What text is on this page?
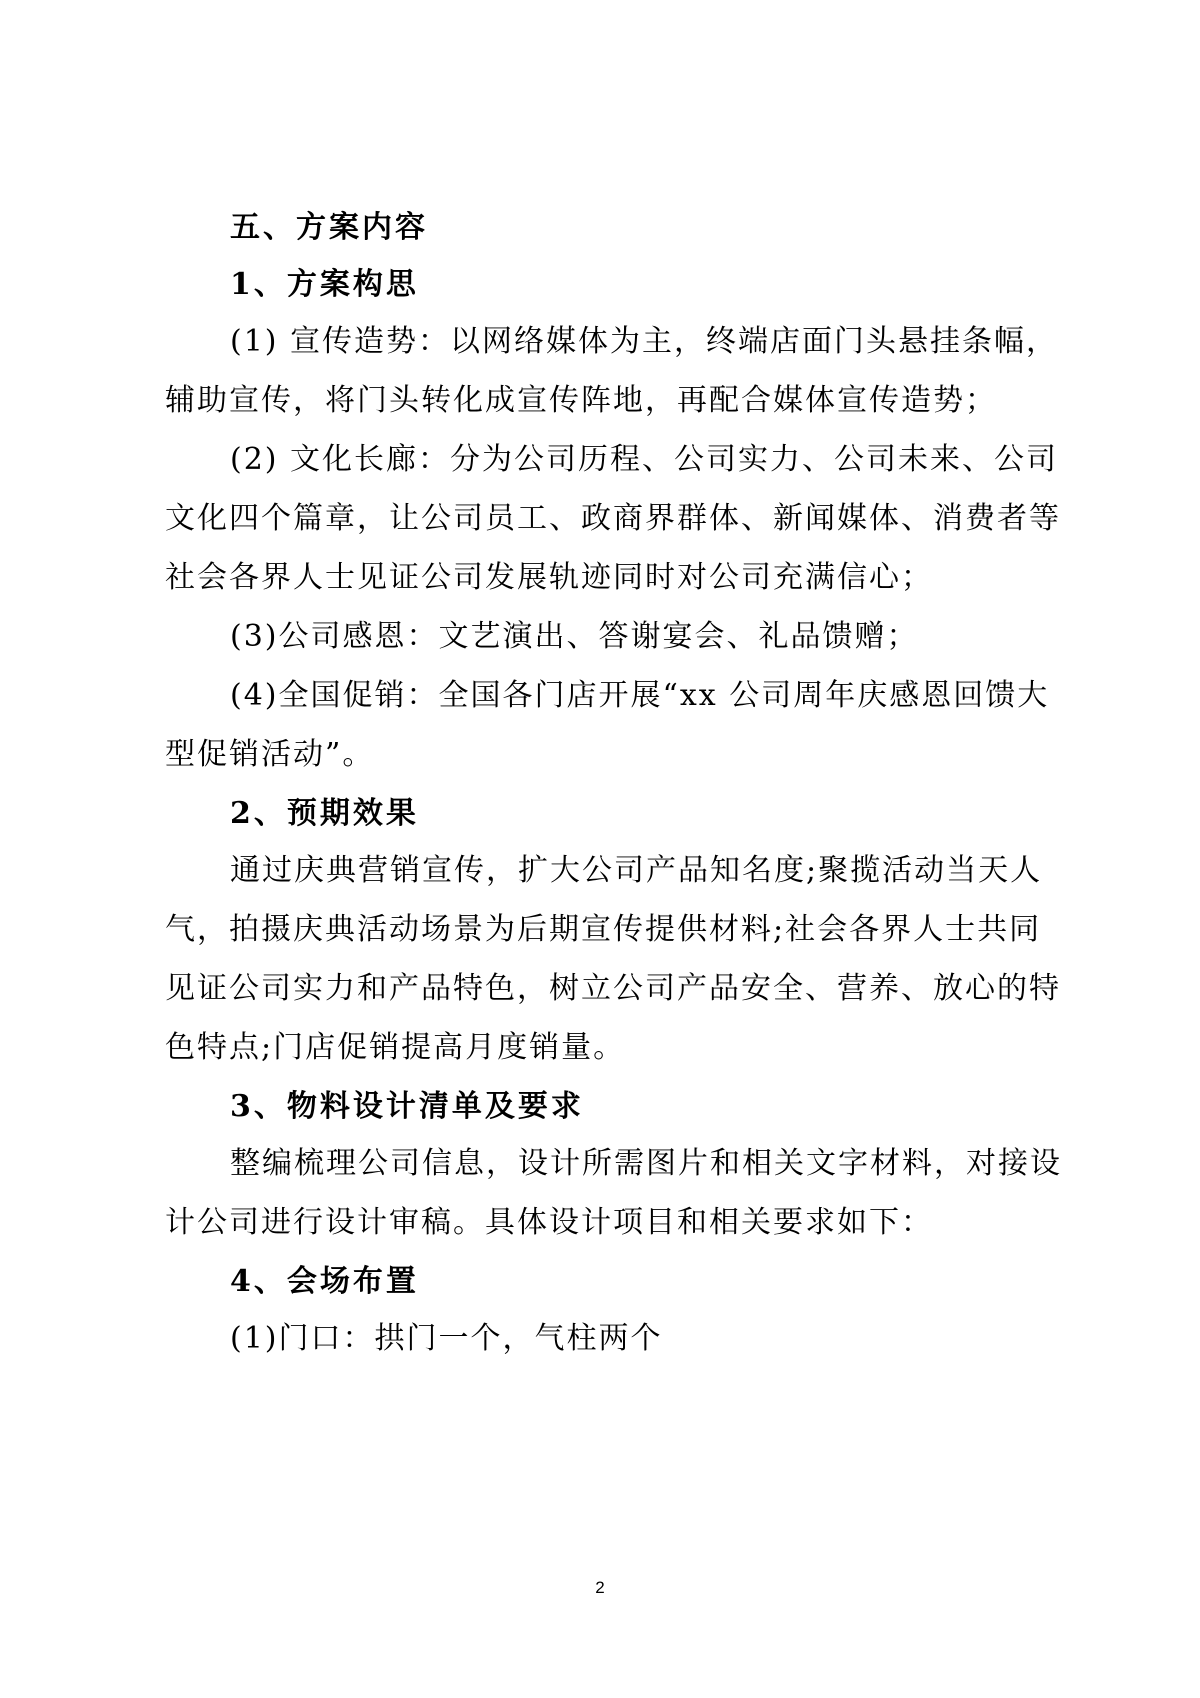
五、方案内容
1、方案构思
(1) 宣传造势：以网络媒体为主，终端店面门头悬挂条幅，
辅助宣传，将门头转化成宣传阵地，再配合媒体宣传造势；
(2) 文化长廊：分为公司历程、公司实力、公司未来、公司
文化四个篇章，让公司员工、政商界群体、新闻媒体、消费者等
社会各界人士见证公司发展轨迹同时对公司充满信心；
(3)公司感恩：文艺演出、答谢宴会、礼品馈赠；
(4)全国促销：全国各门店开展“xx 公司周年庆感恩回馈大
型促销活动”。
2、预期效果
通过庆典营销宣传，扩大公司产品知名度;聚揽活动当天人
气，拍摄庆典活动场景为后期宣传提供材料;社会各界人士共同
见证公司实力和产品特色，树立公司产品安全、营养、放心的特
色特点;门店促销提高月度销量。
3、物料设计清单及要求
整编梳理公司信息，设计所需图片和相关文字材料，对接设
计公司进行设计审稿。具体设计项目和相关要求如下：
4、会场布置
(1)门口：拱门一个，气柱两个
2
